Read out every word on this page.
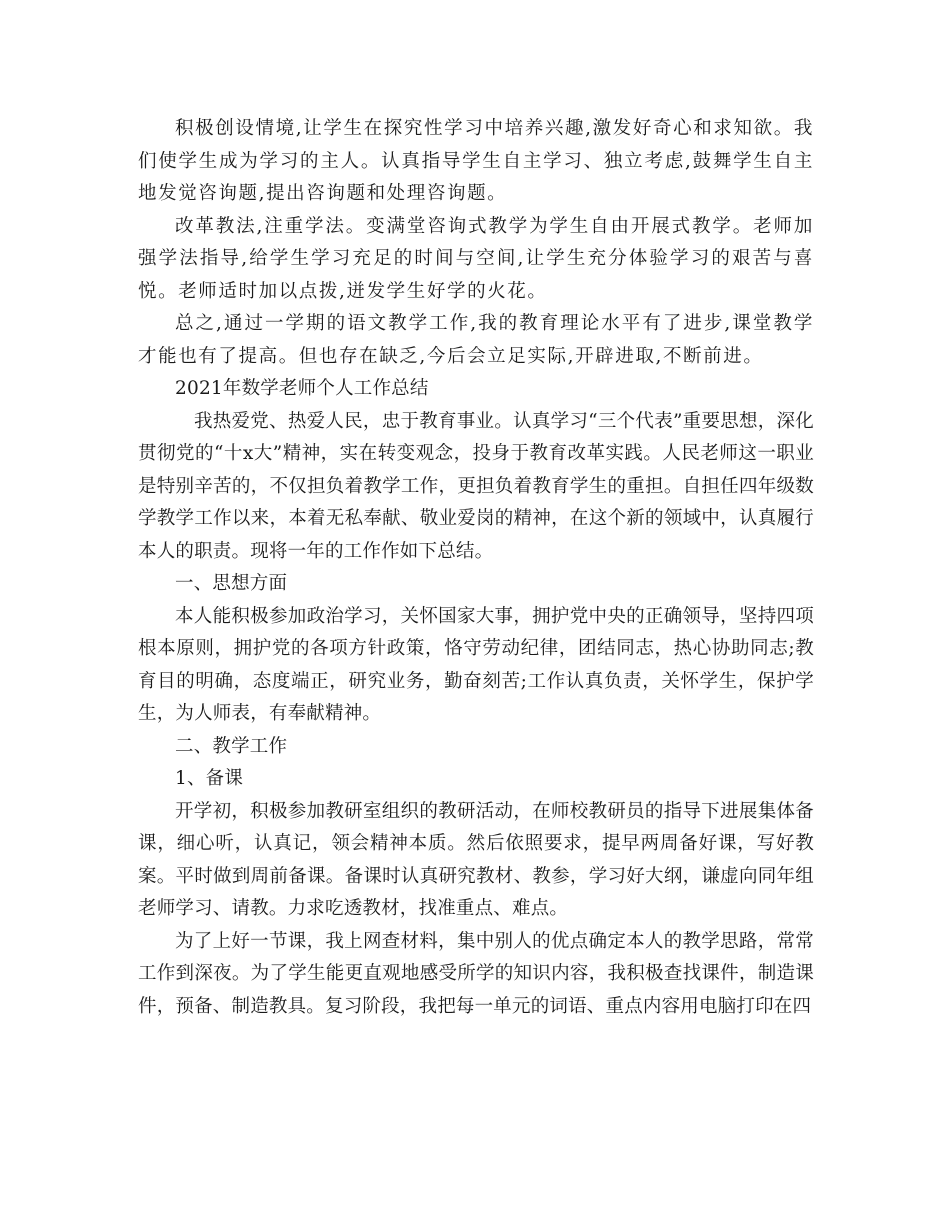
积极创设情境,让学生在探究性学习中培养兴趣,激发好奇心和求知欲。我们使学生成为学习的主人。认真指导学生自主学习、独立考虑,鼓舞学生自主地发觉咨询题,提出咨询题和处理咨询题。

改革教法,注重学法。变满堂咨询式教学为学生自由开展式教学。老师加强学法指导,给学生学习充足的时间与空间,让学生充分体验学习的艰苦与喜悦。老师适时加以点拨,迸发学生好学的火花。

总之,通过一学期的语文教学工作,我的教育理论水平有了进步,课堂教学才能也有了提高。但也存在缺乏,今后会立足实际,开辟进取,不断前进。

2021年数学老师个人工作总结

我热爱党、热爱人民，忠于教育事业。认真学习“三个代表”重要思想，深化贯彻党的“十x大”精神，实在转变观念，投身于教育改革实践。人民老师这一职业是特别辛苦的，不仅担负着教学工作，更担负着教育学生的重担。自担任四年级数学教学工作以来，本着无私奉献、敬业爱岗的精神，在这个新的领域中，认真履行本人的职责。现将一年的工作作如下总结。

一、思想方面

本人能积极参加政治学习，关怀国家大事，拥护党中央的正确领导，坚持四项根本原则，拥护党的各项方针政策，恪守劳动纪律，团结同志，热心协助同志;教育目的明确，态度端正，研究业务，勤奋刻苦;工作认真负责，关怀学生，保护学生，为人师表，有奉献精神。

二、教学工作

1、备课

开学初，积极参加教研室组织的教研活动，在师校教研员的指导下进展集体备课，细心听，认真记，领会精神本质。然后依照要求，提早两周备好课，写好教案。平时做到周前备课。备课时认真研究教材、教参，学习好大纲，谦虚向同年组老师学习、请教。力求吃透教材，找准重点、难点。

为了上好一节课，我上网查材料，集中别人的优点确定本人的教学思路，常常工作到深夜。为了学生能更直观地感受所学的知识内容，我积极查找课件，制造课件，预备、制造教具。复习阶段，我把每一单元的词语、重点内容用电脑打印在四
